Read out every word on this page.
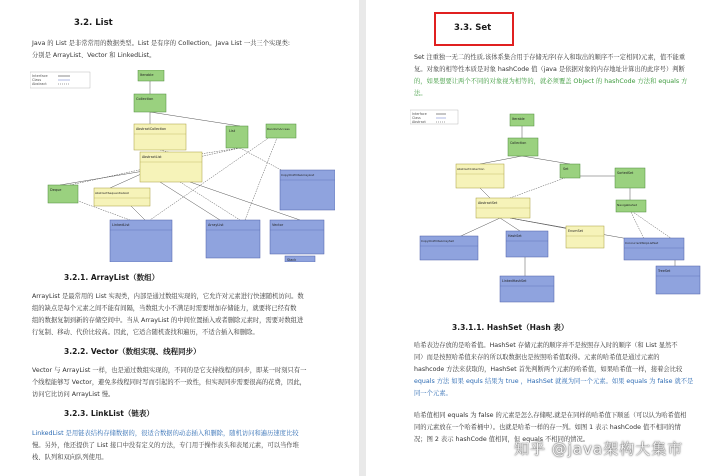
3.2. List
Java 的 List 是非常常用的数据类型。List 是有序的 Collection。Java List 一共三个实现类:
分别是 ArrayList、Vector 和 LinkedList。
Interface
Class
Abstract
Iterable
Collection
AbstractCollection	List	RandomAccess
AbstractList
Deque
AbstractSequentialList
CopyOnWriteArrayList
LinkedList	ArrayList	Vector
Stack
3.2.1. ArrayList（数组）
ArrayList 是最常用的 List 实现类，内部是通过数组实现的，它允许对元素进行快速随机访问。数
组的缺点是每个元素之间不能有间隔，当数组大小不满足时需要增加存储能力，就要将已经有数
组的数据复制到新的存储空间中。当从 ArrayList 的中间位置插入或者删除元素时，需要对数组进
行复制、移动、代价比较高。因此，它适合随机查找和遍历，不适合插入和删除。
3.2.2. Vector（数组实现、线程同步）
Vector 与 ArrayList 一样，也是通过数组实现的，不同的是它支持线程的同步，即某一时刻只有一
个线程能够写 Vector，避免多线程同时写而引起的不一致性，但实现同步需要很高的花费，因此，
访问它比访问 ArrayList 慢。
3.2.3. LinkList（链表）
LinkedList 是用链表结构存储数据的，很适合数据的动态插入和删除，随机访问和遍历速度比较
慢。另外，他还提供了 List 接口中没有定义的方法，专门用于操作表头和表尾元素，可以当作堆
栈、队列和双向队列使用。
3.3. Set
Set 注重独一无二的性质,该体系集合用于存储无序(存入和取出的顺序不一定相同)元素，值不能重
复。对象的相等性本质是对象 hashCode 值（java 是依据对象的内存地址计算出的此序号）判断
的，如果想要让两个不同的对象视为相等的，就必须覆盖 Object 的 hashCode 方法和 equals 方
法。
Interface
Class
Abstract
Iterable
Collection
AbstractCollection	Set
SortedSet
AbstractSet	NavigableSet
CopyOnWriteArraySet
HashSet
EnumSet
ConcurrentSkipListSet
TreeSet
LinkedHashSet
3.3.1.1. HashSet（Hash 表）
哈希表边存放的是哈希值。HashSet 存储元素的顺序并不是按照存入时的顺序（和 List 显然不
同）而是按照哈希值来存的所以取数据也是按照哈希值取得。元素的哈希值是通过元素的
hashcode 方法来获取的，HashSet 首先判断两个元素的哈希值，如果哈希值一样，接着会比较
equals 方法 如果 equls 结果为 true ，HashSet 就视为同一个元素。如果 equals 为 false 就不是
同一个元素。
哈希值相同 equals 为 false 的元素是怎么存储呢,就是在同样的哈希值下顺延（可以认为哈希值相
同的元素放在一个哈希桶中）。也就是哈希一样的存一列。如图 1 表示 hashCode 值不相同的情
况；图 2 表示 hashCode 值相同，但 equals 不相同的情况。
知乎 @java架构大集市
